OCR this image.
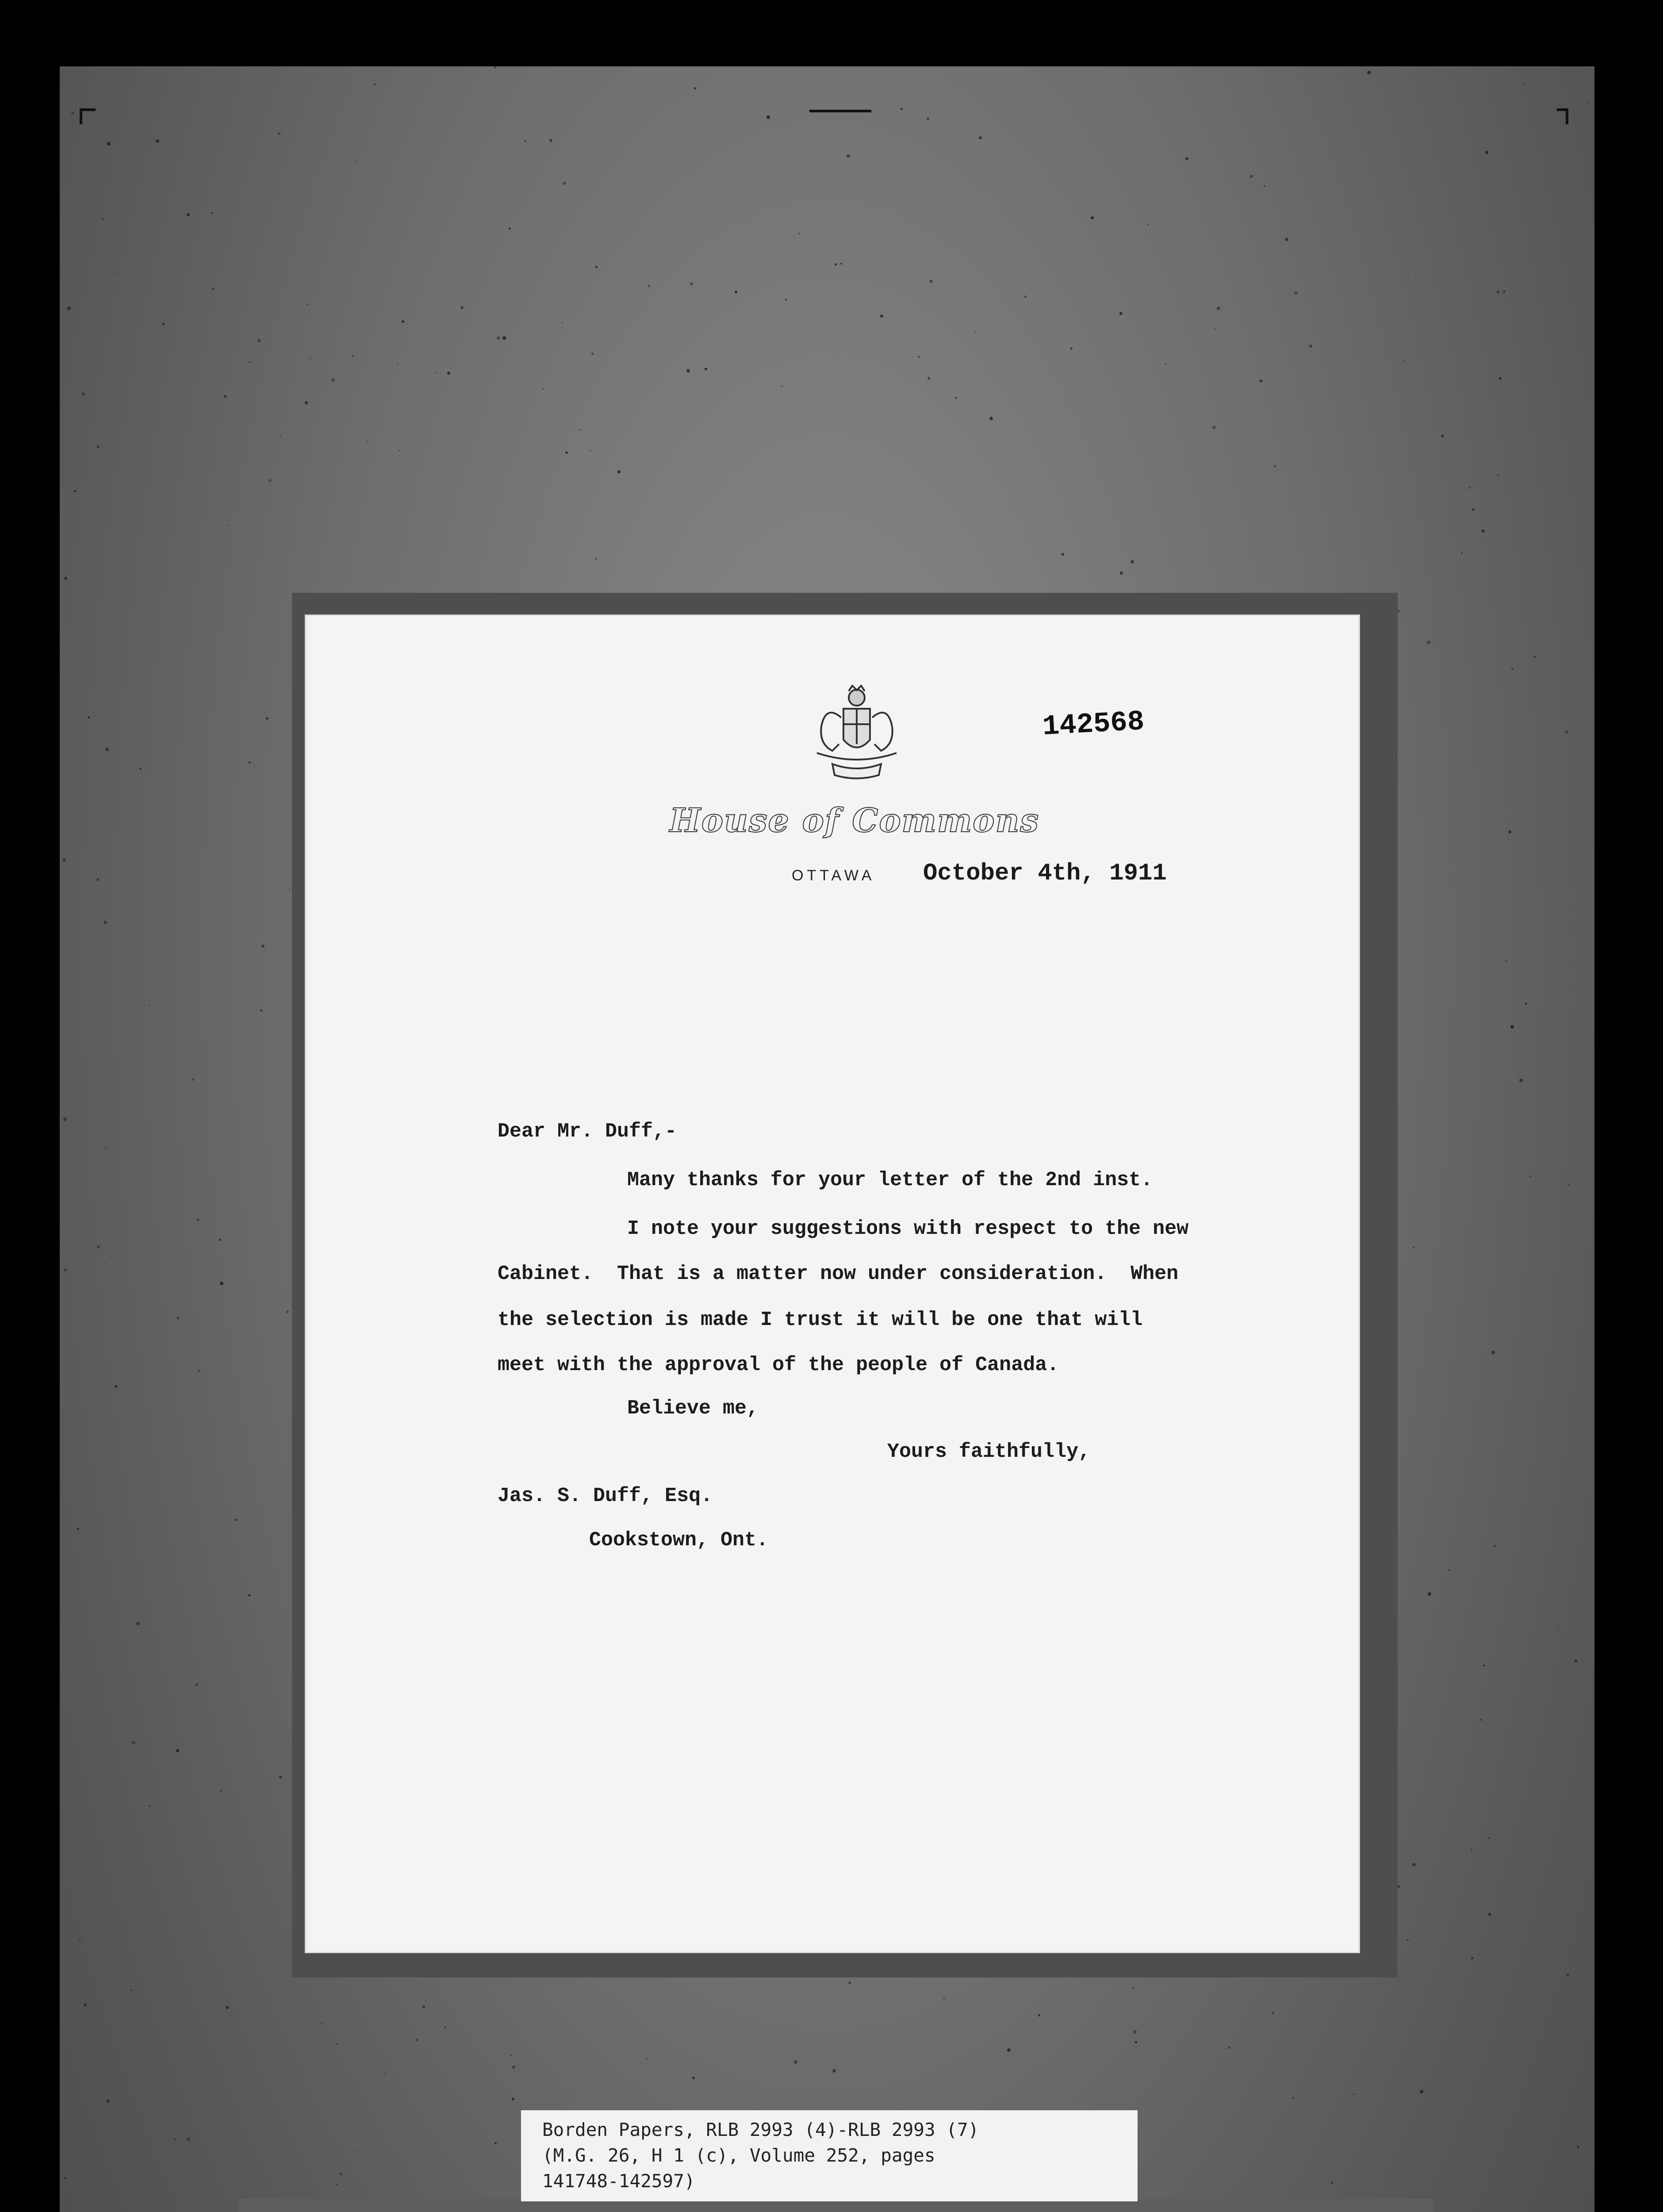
142568
House of Commons
OTTAWA October 4th, 1911
Dear Mr. Duff,-
Many thanks for your letter of the 2nd inst.
I note your suggestions with respect to the new
Cabinet.  That is a matter now under consideration.  When
the selection is made I trust it will be one that will
meet with the approval of the people of Canada.
Believe me,
Yours faithfully,
Jas. S. Duff, Esq.
Cookstown, Ont.
Borden Papers, RLB 2993 (4)-RLB 2993 (7)
(M.G. 26, H 1 (c), Volume 252, pages
141748-142597)
